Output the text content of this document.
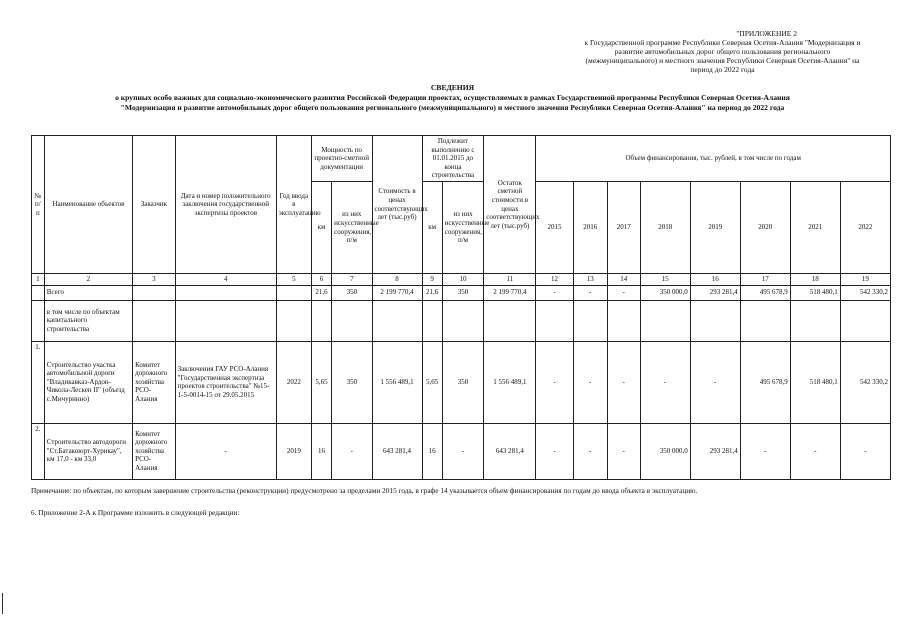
"ПРИЛОЖЕНИЕ 2
к Государственной программе Республики Северная Осетия-Алания "Модернизация и
развитие автомобильных дорог общего пользования регионального
(межмуниципального) и местного значения Республики Северная Осетия-Алания" на
период до 2022 года
СВЕДЕНИЯ
о крупных особо важных для социально-экономического развития Российской Федерации проектах, осуществляемых в рамках Государственной программы Республики Северная Осетия-Алания
"Модернизация и развитие автомобильных дорог общего пользования регионального (межмуниципального) и местного значения Республики Северная Осетия-Алания" на период до 2022 года
№ п/п	Наименование объектов	Заказчик	Дата и номер положительного заключения государственной экспертизы проектов	Год ввода в эксплуатацию	Мощность по проектно-сметной документации		Стоимость в ценах соответствующих лет (тыс.руб)	Подлежит выполнению с 01.01.2015 до конца строительства		Остаток сметной стоимости в ценах соответствующих лет (тыс.руб)	Объем финансирования, тыс. рублей, в том числе по годам							
					км	из них искусственные сооружения, п/м		км	из них искусственные сооружения, п/м		2015	2016	2017	2018	2019	2020	2021	2022
1	2	3	4	5	6	7	8	9	10	11	12	13	14	15	16	17	18	19
	Всего				21,6	350	2 199 770,4	21,6	350	2 199 770,4	-	-	-	350 000,0	293 281,4	495 678,9	518 480,1	542 330,2
	в том числе по объектам капитального строительства																	
1.	Строительство участка автомобильной дороги "Владикавказ-Ардон-Чикола-Лескен II" (объезд с.Мичуринно)	Комитет дорожного хозяйства РСО-Алания	Заключения ГАУ РСО-Алания "Государственная экспертиза проектов строительства" №15-1-5-0014-15 от 29.05.2015	2022	5,65	350	1 556 489,1	5,65	350	1 556 489,1	-	-	-	-	-	495 678,9	518 480,1	542 330,2
2.	Строительство автодороги "Ст.Батакоюрт-Хурикау", км 17,0 - км 33,0	Комитет дорожного хозяйства РСО-Алания	-	2019	16	-	643 281,4	16	-	643 281,4	-	-	-	350 000,0	293 281,4	-	-	-
Примечание: по объектам, по которым завершение строительства (реконструкции) предусмотрено за пределами 2015 года, в графе 14 указывается объем финансирования по годам до ввода объекта в эксплуатацию.
6. Приложение 2-А к Программе изложить в следующей редакции:
